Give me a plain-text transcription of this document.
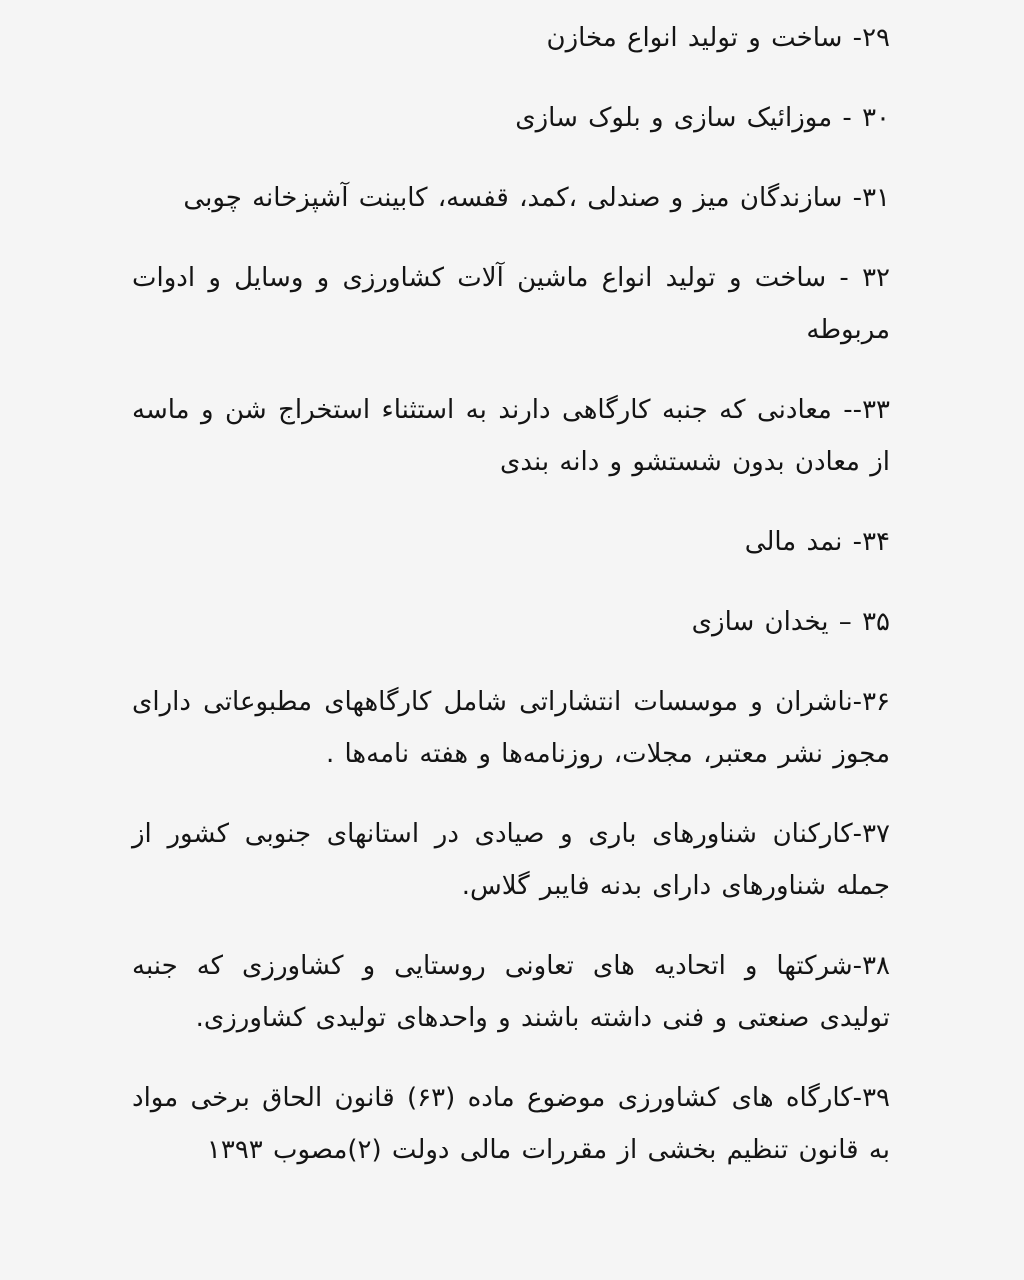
۲۹- ساخت و تولید انواع مخازن

۳۰ - موزائیک سازی و بلوک سازی

۳۱- سازندگان میز و صندلی ،کمد، قفسه، کابینت آشپزخانه چوبی

۳۲ - ساخت و تولید انواع ماشین آلات کشاورزی و وسایل و ادوات مربوطه

۳۳-- معادنی که جنبه کارگاهی دارند به استثناء استخراج شن و ماسه از معادن بدون شستشو و دانه بندی

۳۴- نمد مالی

۳۵ – یخدان سازی

۳۶-ناشران و موسسات انتشاراتی شامل کارگاههای مطبوعاتی دارای مجوز نشر معتبر، مجلات، روزنامه‌ها و هفته نامه‌ها .

۳۷-کارکنان شناورهای باری و صیادی در استانهای جنوبی کشور از جمله شناورهای دارای بدنه فایبر گلاس.

۳۸-شرکتها و اتحادیه های تعاونی روستایی و کشاورزی که جنبه تولیدی صنعتی و فنی داشته باشند و واحدهای تولیدی کشاورزی.

۳۹-کارگاه های کشاورزی موضوع ماده (۶۳) قانون الحاق برخی مواد به قانون تنظیم بخشی از مقررات مالی دولت (۲)مصوب ۱۳۹۳
